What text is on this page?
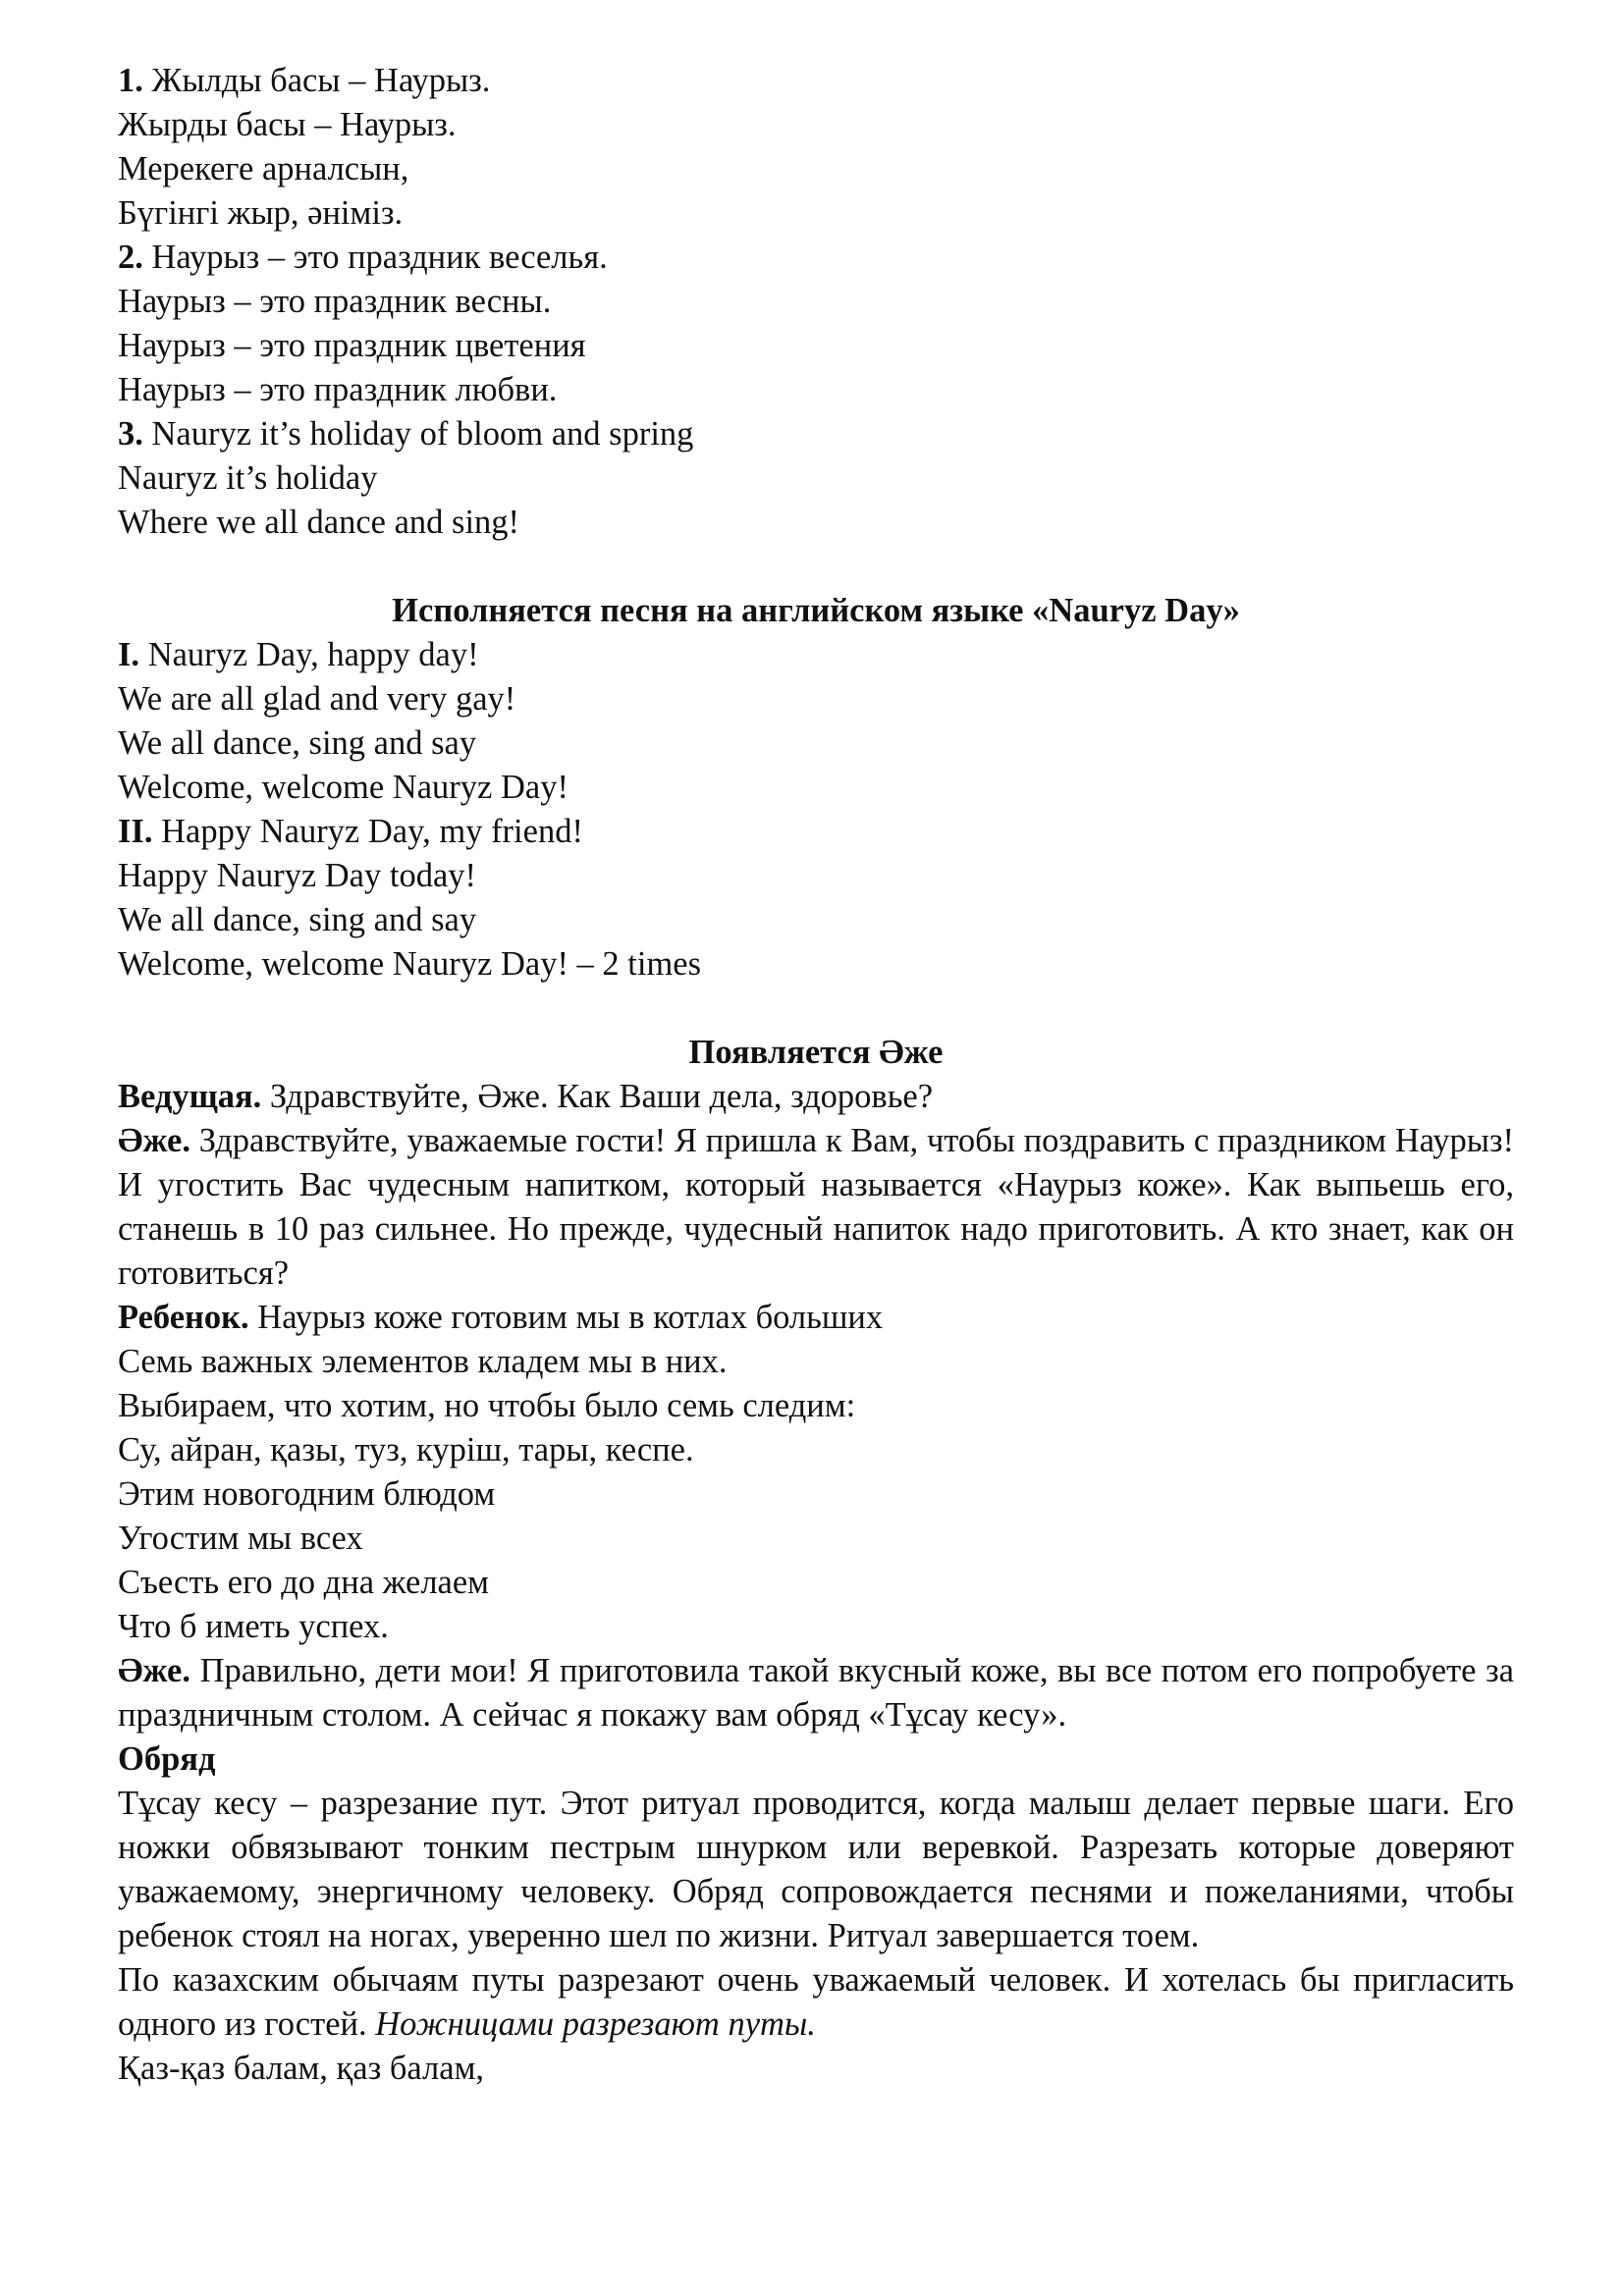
1. Жылды басы – Наурыз.

Жырды басы – Наурыз.

Мерекеге арналсын,

Бүгінгі жыр, әніміз.

2. Наурыз – это праздник веселья.

Наурыз – это праздник весны.

Наурыз – это праздник цветения

Наурыз – это праздник любви.

3. Nauryz it’s holiday of bloom and spring

Nauryz it’s holiday

Where we all dance and sing!

Исполняется песня на английском языке «Nauryz Day»

I. Nauryz Day, happy day!

We are all glad and very gay!

We all dance, sing and say

Welcome, welcome Nauryz Day!

II. Happy Nauryz Day, my friend!

Happy Nauryz Day today!

We all dance, sing and say

Welcome, welcome Nauryz Day! – 2 times

Появляется Әже

Ведущая. Здравствуйте, Әже. Как Ваши дела, здоровье?

Әже. Здравствуйте, уважаемые гости! Я пришла к Вам, чтобы поздравить с праздником Наурыз! И угостить Вас чудесным напитком, который называется «Наурыз коже». Как выпьешь его, станешь в 10 раз сильнее. Но прежде, чудесный напиток надо приготовить. А кто знает, как он готовиться?

Ребенок. Наурыз коже готовим мы в котлах больших

Семь важных элементов кладем мы в них.

Выбираем, что хотим, но чтобы было семь следим:

Су, айран, қазы, туз, куріш, тары, кеспе.

Этим новогодним блюдом

Угостим мы всех

Съесть его до дна желаем

Что б иметь успех.

Әже. Правильно, дети мои! Я приготовила такой вкусный коже, вы все потом его попробуете за праздничным столом. А сейчас я покажу вам обряд «Тұсау кесу».

Обряд

Тұсау кесу – разрезание пут. Этот ритуал проводится, когда малыш делает первые шаги. Его ножки обвязывают тонким пестрым шнурком или веревкой. Разрезать которые доверяют уважаемому, энергичному человеку. Обряд сопровождается песнями и пожеланиями, чтобы ребенок стоял на ногах, уверенно шел по жизни. Ритуал завершается тоем.

По казахским обычаям путы разрезают очень уважаемый человек. И хотелась бы пригласить одного из гостей. Ножницами разрезают путы.

Қаз-қаз балам, қаз балам,
